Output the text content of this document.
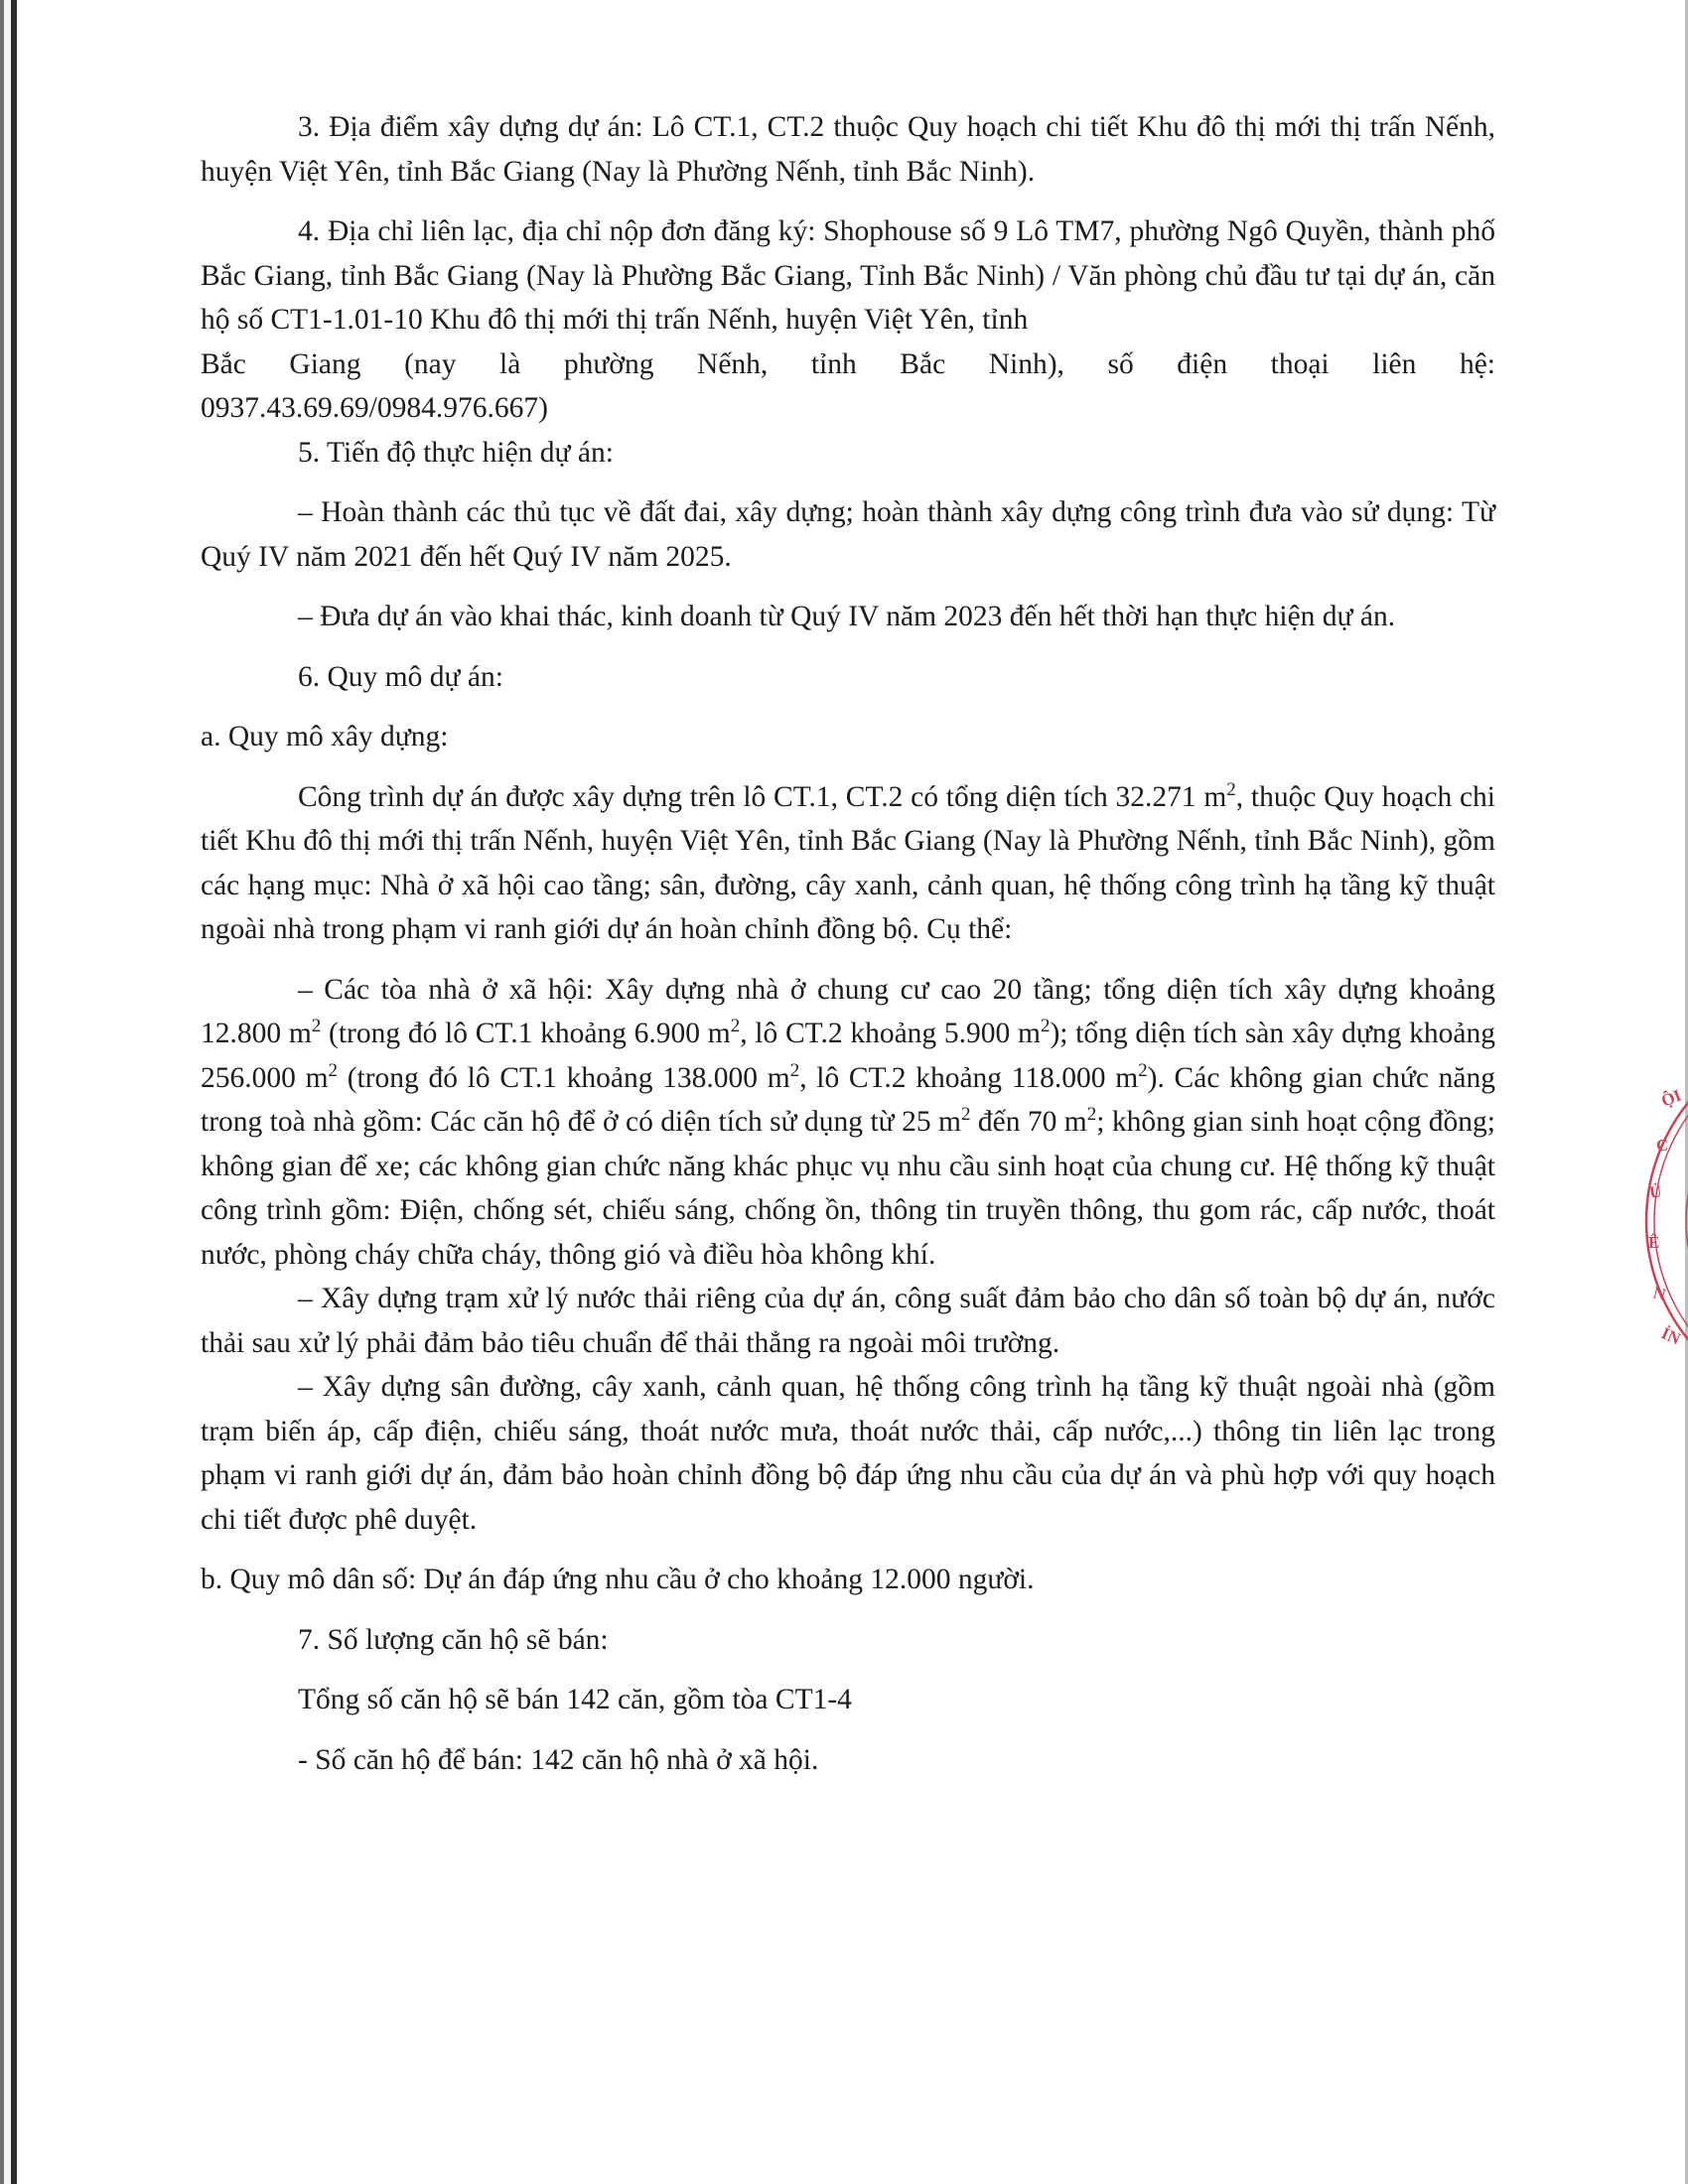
3. Địa điểm xây dựng dự án: Lô CT.1, CT.2 thuộc Quy hoạch chi tiết Khu đô thị mới thị trấn Nếnh, huyện Việt Yên, tỉnh Bắc Giang (Nay là Phường Nếnh, tỉnh Bắc Ninh).

4. Địa chỉ liên lạc, địa chỉ nộp đơn đăng ký: Shophouse số 9 Lô TM7, phường Ngô Quyền, thành phố Bắc Giang, tỉnh Bắc Giang (Nay là Phường Bắc Giang, Tỉnh Bắc Ninh) / Văn phòng chủ đầu tư tại dự án, căn hộ số CT1-1.01-10 Khu đô thị mới thị trấn Nếnh, huyện Việt Yên, tỉnh

Bắc Giang (nay là phường Nếnh, tỉnh Bắc Ninh), số điện thoại liên hệ:

0937.43.69.69/0984.976.667)

5. Tiến độ thực hiện dự án:

– Hoàn thành các thủ tục về đất đai, xây dựng; hoàn thành xây dựng công trình đưa vào sử dụng: Từ Quý IV năm 2021 đến hết Quý IV năm 2025.

– Đưa dự án vào khai thác, kinh doanh từ Quý IV năm 2023 đến hết thời hạn thực hiện dự án.

6. Quy mô dự án:

a. Quy mô xây dựng:

Công trình dự án được xây dựng trên lô CT.1, CT.2 có tổng diện tích 32.271 $m^2$, thuộc Quy hoạch chi tiết Khu đô thị mới thị trấn Nếnh, huyện Việt Yên, tỉnh Bắc Giang (Nay là Phường Nếnh, tỉnh Bắc Ninh), gồm các hạng mục: Nhà ở xã hội cao tầng; sân, đường, cây xanh, cảnh quan, hệ thống công trình hạ tầng kỹ thuật ngoài nhà trong phạm vi ranh giới dự án hoàn chỉnh đồng bộ. Cụ thể:

– Các tòa nhà ở xã hội: Xây dựng nhà ở chung cư cao 20 tầng; tổng diện tích xây dựng khoảng 12.800 $m^2$ (trong đó lô CT.1 khoảng 6.900 $m^2$, lô CT.2 khoảng 5.900 $m^2$); tổng diện tích sàn xây dựng khoảng 256.000 $m^2$ (trong đó lô CT.1 khoảng 138.000 $m^2$, lô CT.2 khoảng 118.000 $m^2$). Các không gian chức năng trong toà nhà gồm: Các căn hộ để ở có diện tích sử dụng từ 25 $m^2$ đến 70 $m^2$; không gian sinh hoạt cộng đồng; không gian để xe; các không gian chức năng khác phục vụ nhu cầu sinh hoạt của chung cư. Hệ thống kỹ thuật công trình gồm: Điện, chống sét, chiếu sáng, chống ồn, thông tin truyền thông, thu gom rác, cấp nước, thoát nước, phòng cháy chữa cháy, thông gió và điều hòa không khí.

– Xây dựng trạm xử lý nước thải riêng của dự án, công suất đảm bảo cho dân số toàn bộ dự án, nước thải sau xử lý phải đảm bảo tiêu chuẩn để thải thẳng ra ngoài môi trường.

– Xây dựng sân đường, cây xanh, cảnh quan, hệ thống công trình hạ tầng kỹ thuật ngoài nhà (gồm trạm biến áp, cấp điện, chiếu sáng, thoát nước mưa, thoát nước thải, cấp nước,...) thông tin liên lạc trong phạm vi ranh giới dự án, đảm bảo hoàn chỉnh đồng bộ đáp ứng nhu cầu của dự án và phù hợp với quy hoạch chi tiết được phê duyệt.

b. Quy mô dân số: Dự án đáp ứng nhu cầu ở cho khoảng 12.000 người.

7. Số lượng căn hộ sẽ bán:

Tổng số căn hộ sẽ bán 142 căn, gồm tòa CT1-4

- Số căn hộ để bán: 142 căn hộ nhà ở xã hội.

ỘI
C
Ủ
Ê
N
ỈN
